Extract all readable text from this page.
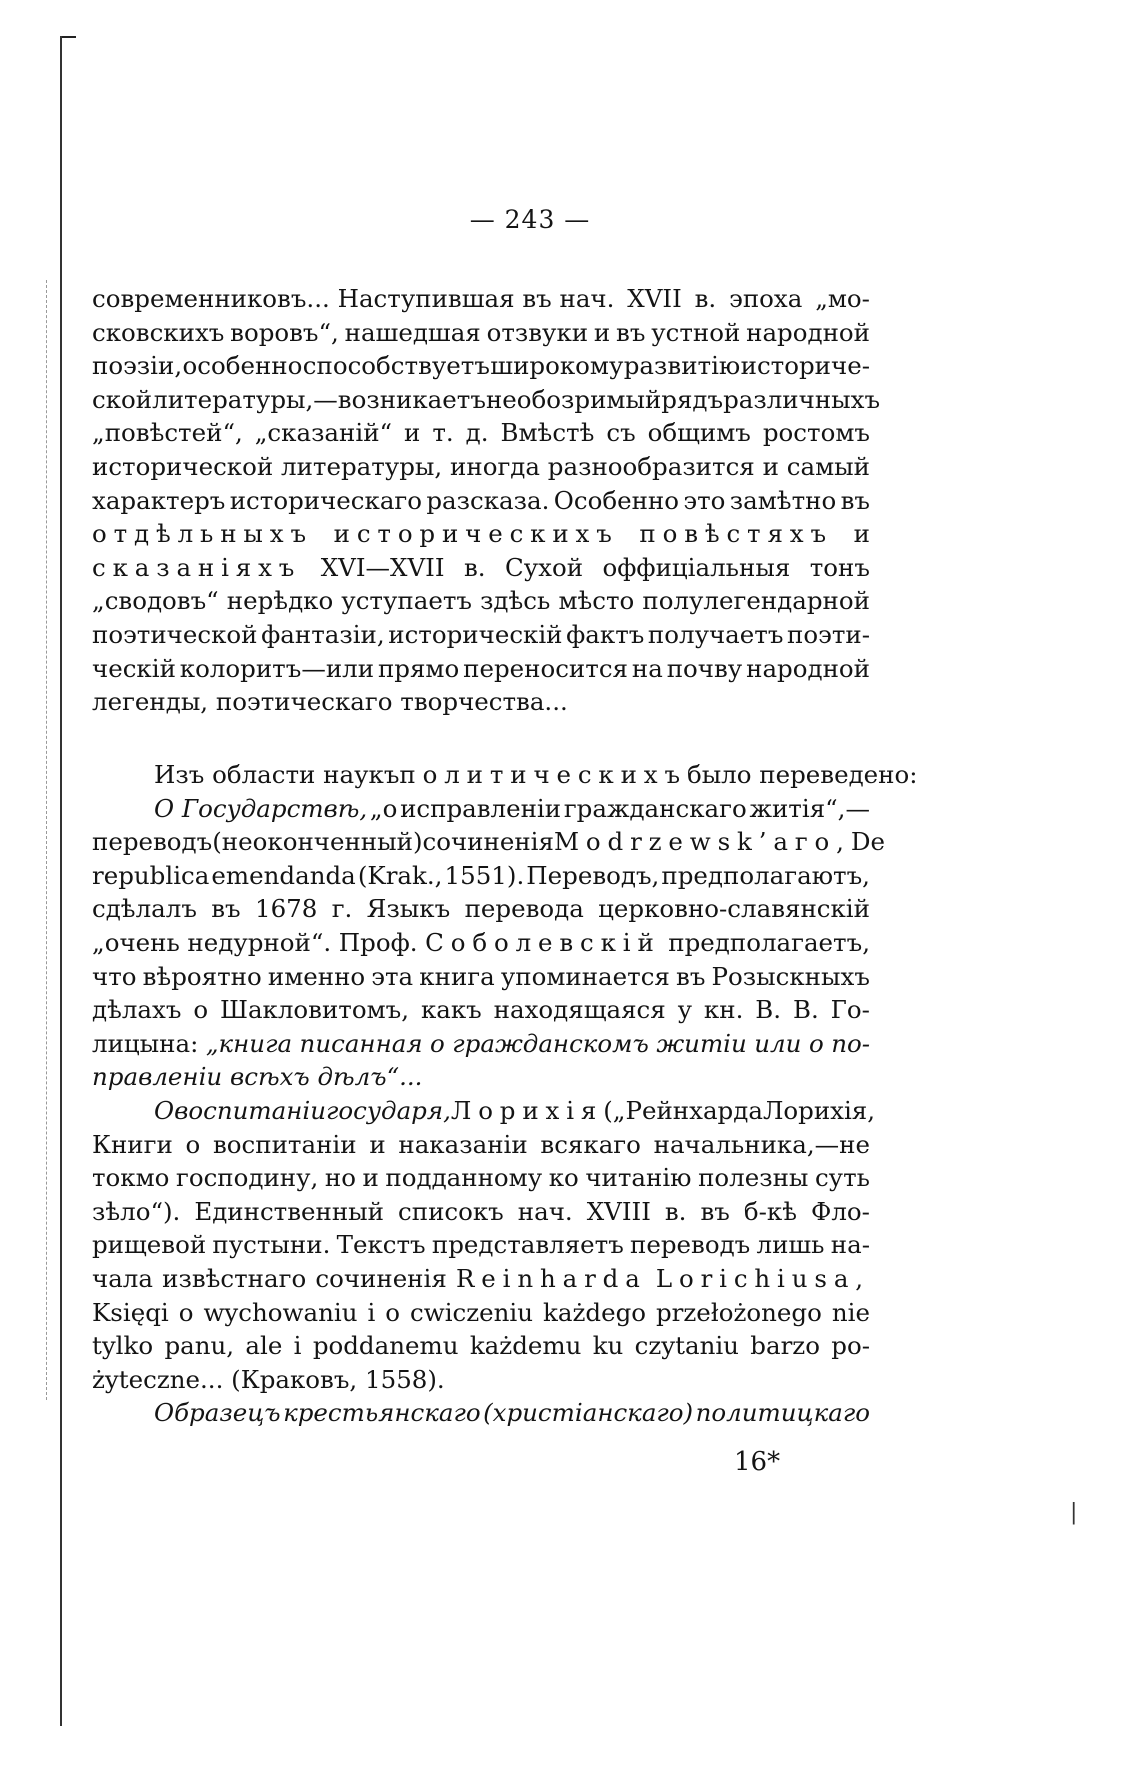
— 243 —
современниковъ... Наступившая въ нач. XVII в. эпоха „мо-
сковскихъ воровъ“, нашедшая отзвуки и въ устной народной
поэзіи, особенно способствуетъ широкому развитію историче-
ской литературы,—возникаетъ необозримый рядъ различныхъ
„повѣстей“, „сказаній“ и т. д. Вмѣстѣ съ общимъ ростомъ
исторической литературы, иногда разнообразится и самый
характеръ историческаго разсказа. Особенно это замѣтно въ
отдѣльныхъ историческихъ повѣстяхъ и
сказаніяхъ XVI—XVII в. Сухой оффиціальныя тонъ
„сводовъ“ нерѣдко уступаетъ здѣсь мѣсто полулегендарной
поэтической фантазіи, историческій фактъ получаетъ поэти-
ческій колоритъ—или прямо переносится на почву народной
легенды, поэтическаго творчества...
Изъ области наукъ политическихъ было переведено:
О Государствѣ, „о исправленіи гражданскаго житія“,—
переводъ (не оконченный) сочиненія Modrzewsk’аго, De
republica emendanda (Krak., 1551). Переводъ, предполагаютъ,
сдѣлалъ въ 1678 г. Языкъ перевода церковно-славянскій
„очень недурной“. Проф. Соболевскій предполагаетъ,
что вѣроятно именно эта книга упоминается въ Розыскныхъ
дѣлахъ о Шакловитомъ, какъ находящаяся у кн. В. В. Го-
лицына: „книга писанная о гражданскомъ житіи или о по-
правленіи всѣхъ дѣлъ“...
О воспитаніи государя, Лорихія („Рейнхарда Лорихія,
Книги о воспитаніи и наказаніи всякаго начальника,—не
токмо господину, но и подданному ко читанію полезны суть
зѣло“). Единственный списокъ нач. XVIII в. въ б-кѣ Фло-
рищевой пустыни. Текстъ представляетъ переводъ лишь на-
чала извѣстнаго сочиненія Reinharda Lorichiusa,
Księqi o wychowaniu i o cwiczeniu każdego przełożonego nie
tylko panu, ale i poddanemu każdemu ku czytaniu barzo po-
żyteczne...
(Краковъ,
1558).
Образецъ крестьянскаго (христіанскаго) политицкаго
16*
|
